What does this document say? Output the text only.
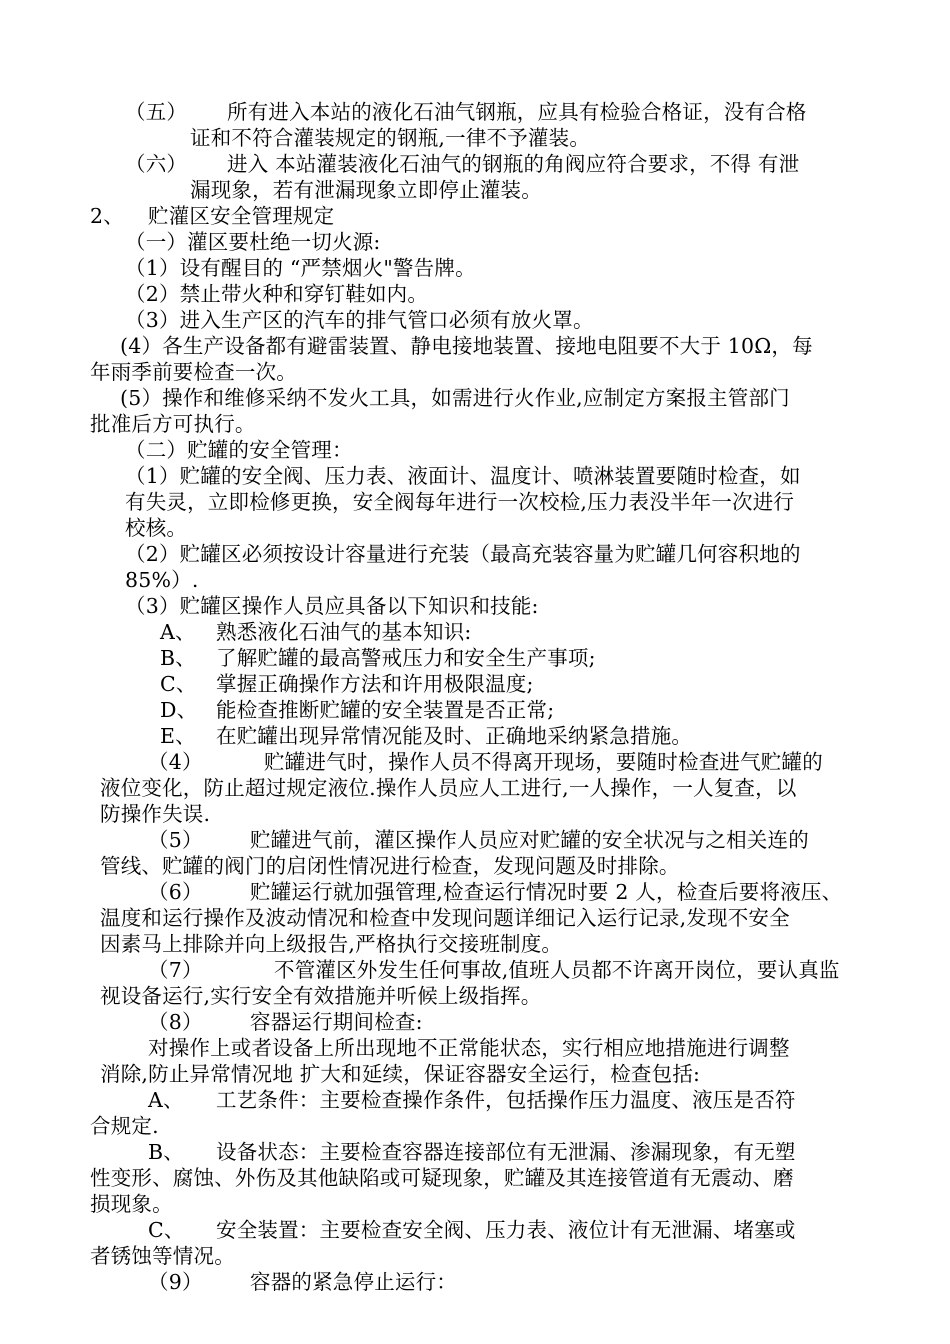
（五） 所有进入本站的液化石油气钢瓶，应具有检验合格证，没有合格
证和不符合灌装规定的钢瓶,一律不予灌装。
（六） 进入 本站灌装液化石油气的钢瓶的角阀应符合要求，不得 有泄
漏现象，若有泄漏现象立即停止灌装。
2、 贮灌区安全管理规定
（一）灌区要杜绝一切火源:
（1）设有醒目的 “严禁烟火"警告牌。
（2）禁止带火种和穿钉鞋如内。
（3）进入生产区的汽车的排气管口必须有放火罩。
(4）各生产设备都有避雷装置、静电接地装置、接地电阻要不大于 10Ω，每
年雨季前要检查一次。
(5）操作和维修采纳不发火工具，如需进行火作业,应制定方案报主管部门
批准后方可执行。
（二）贮罐的安全管理：
（1）贮罐的安全阀、压力表、液面计、温度计、喷淋装置要随时检查，如
有失灵，立即检修更换，安全阀每年进行一次校检,压力表没半年一次进行
校核。
（2）贮罐区必须按设计容量进行充装（最高充装容量为贮罐几何容积地的
85%）.
（3）贮罐区操作人员应具备以下知识和技能:
A、 熟悉液化石油气的基本知识:
B、 了解贮罐的最高警戒压力和安全生产事项;
C、 掌握正确操作方法和许用极限温度;
D、 能检查推断贮罐的安全装置是否正常;
E、 在贮罐出现异常情况能及时、正确地采纳紧急措施。
（4）	贮罐进气时，操作人员不得离开现场，要随时检查进气贮罐的
液位变化，防止超过规定液位.操作人员应人工进行,一人操作，一人复查，以
防操作失误.
（5） 贮罐进气前，灌区操作人员应对贮罐的安全状况与之相关连的
管线、贮罐的阀门的启闭性情况进行检查，发现问题及时排除。
（6） 贮罐运行就加强管理,检查运行情况时要 2 人，检查后要将液压、
温度和运行操作及波动情况和检查中发现问题详细记入运行记录,发现不安全
因素马上排除并向上级报告,严格执行交接班制度。
（7）	不管灌区外发生任何事故,值班人员都不许离开岗位，要认真监
视设备运行,实行安全有效措施并听候上级指挥。
（8） 容器运行期间检查:
对操作上或者设备上所出现地不正常能状态，实行相应地措施进行调整
消除,防止异常情况地 扩大和延续，保证容器安全运行，检查包括:
A、 工艺条件：主要检查操作条件，包括操作压力温度、液压是否符
合规定.
B、 设备状态：主要检查容器连接部位有无泄漏、渗漏现象，有无塑
性变形、腐蚀、外伤及其他缺陷或可疑现象，贮罐及其连接管道有无震动、磨
损现象。
C、 安全装置：主要检查安全阀、压力表、液位计有无泄漏、堵塞或
者锈蚀等情况。
（9） 容器的紧急停止运行：
